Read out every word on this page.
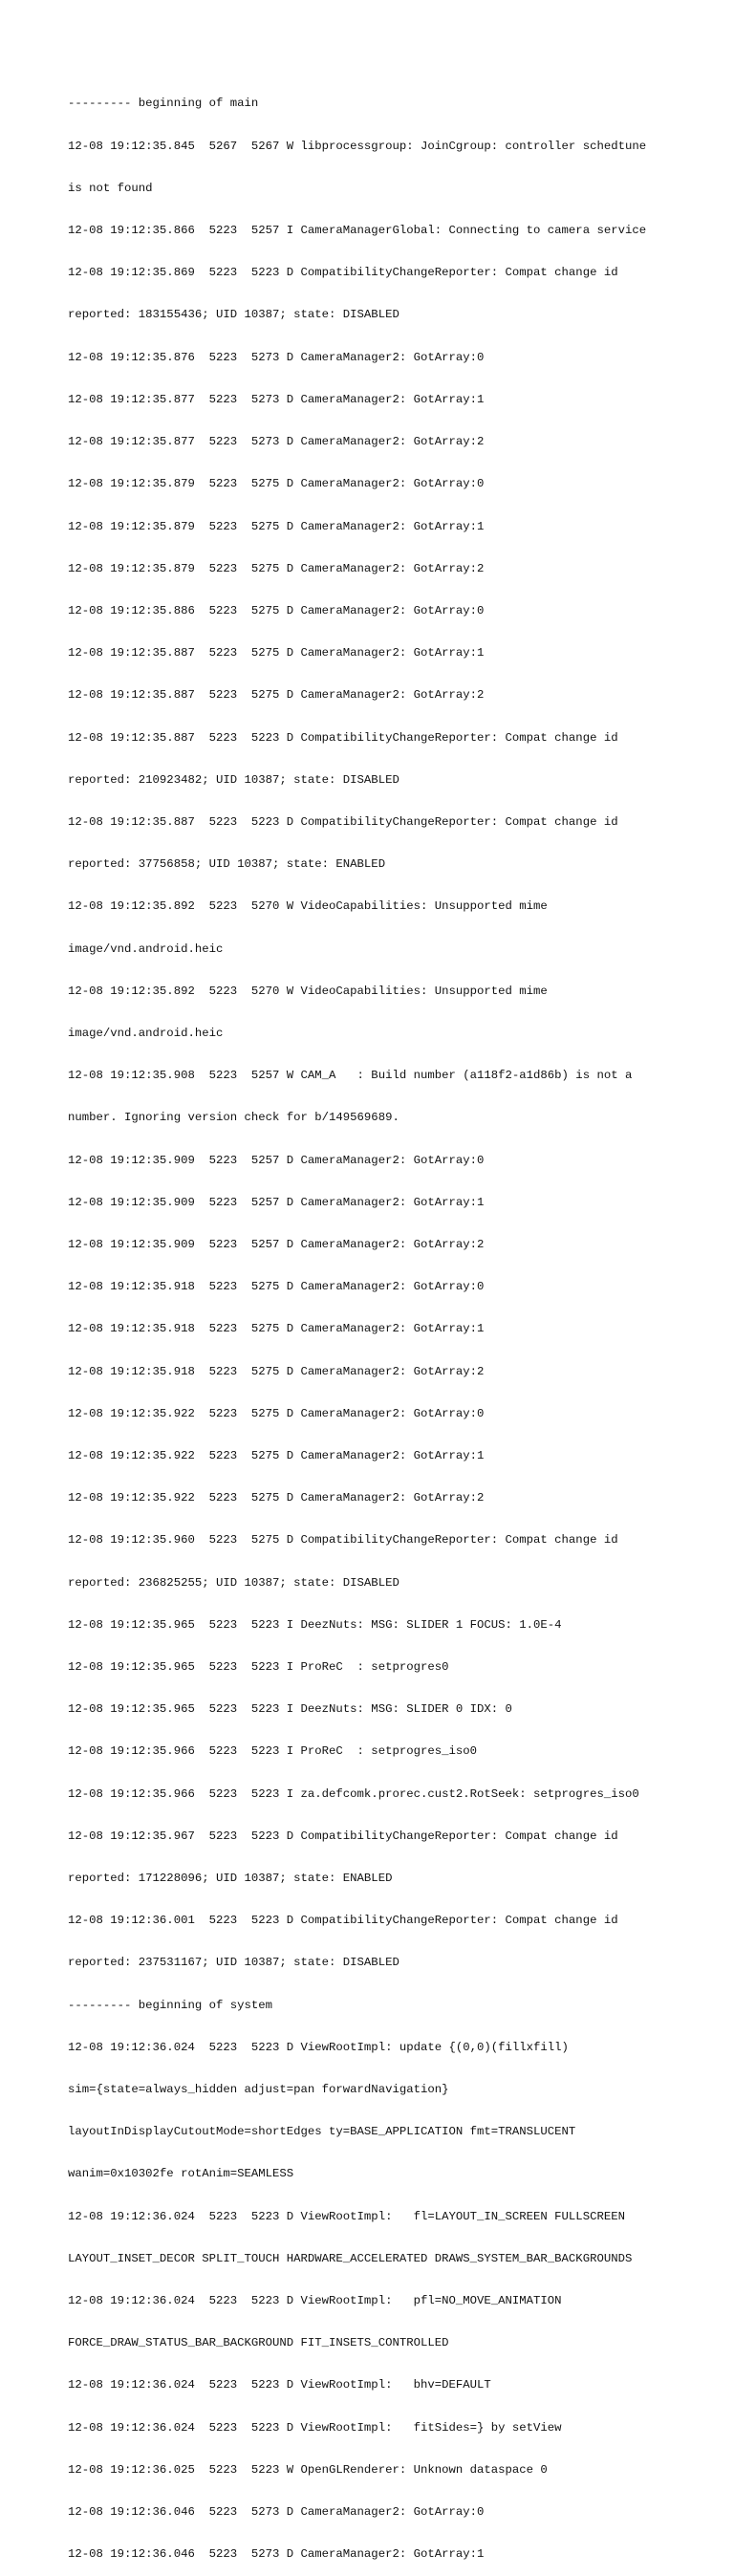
--------- beginning of main

12-08 19:12:35.845  5267  5267 W libprocessgroup: JoinCgroup: controller schedtune

is not found

12-08 19:12:35.866  5223  5257 I CameraManagerGlobal: Connecting to camera service

12-08 19:12:35.869  5223  5223 D CompatibilityChangeReporter: Compat change id

reported: 183155436; UID 10387; state: DISABLED

12-08 19:12:35.876  5223  5273 D CameraManager2: GotArray:0

12-08 19:12:35.877  5223  5273 D CameraManager2: GotArray:1

12-08 19:12:35.877  5223  5273 D CameraManager2: GotArray:2

12-08 19:12:35.879  5223  5275 D CameraManager2: GotArray:0

12-08 19:12:35.879  5223  5275 D CameraManager2: GotArray:1

12-08 19:12:35.879  5223  5275 D CameraManager2: GotArray:2

12-08 19:12:35.886  5223  5275 D CameraManager2: GotArray:0

12-08 19:12:35.887  5223  5275 D CameraManager2: GotArray:1

12-08 19:12:35.887  5223  5275 D CameraManager2: GotArray:2

12-08 19:12:35.887  5223  5223 D CompatibilityChangeReporter: Compat change id

reported: 210923482; UID 10387; state: DISABLED

12-08 19:12:35.887  5223  5223 D CompatibilityChangeReporter: Compat change id

reported: 37756858; UID 10387; state: ENABLED

12-08 19:12:35.892  5223  5270 W VideoCapabilities: Unsupported mime

image/vnd.android.heic

12-08 19:12:35.892  5223  5270 W VideoCapabilities: Unsupported mime

image/vnd.android.heic

12-08 19:12:35.908  5223  5257 W CAM_A   : Build number (a118f2-a1d86b) is not a

number. Ignoring version check for b/149569689.

12-08 19:12:35.909  5223  5257 D CameraManager2: GotArray:0

12-08 19:12:35.909  5223  5257 D CameraManager2: GotArray:1

12-08 19:12:35.909  5223  5257 D CameraManager2: GotArray:2

12-08 19:12:35.918  5223  5275 D CameraManager2: GotArray:0

12-08 19:12:35.918  5223  5275 D CameraManager2: GotArray:1

12-08 19:12:35.918  5223  5275 D CameraManager2: GotArray:2

12-08 19:12:35.922  5223  5275 D CameraManager2: GotArray:0

12-08 19:12:35.922  5223  5275 D CameraManager2: GotArray:1

12-08 19:12:35.922  5223  5275 D CameraManager2: GotArray:2

12-08 19:12:35.960  5223  5275 D CompatibilityChangeReporter: Compat change id

reported: 236825255; UID 10387; state: DISABLED

12-08 19:12:35.965  5223  5223 I DeezNuts: MSG: SLIDER 1 FOCUS: 1.0E-4

12-08 19:12:35.965  5223  5223 I ProReC  : setprogres0

12-08 19:12:35.965  5223  5223 I DeezNuts: MSG: SLIDER 0 IDX: 0

12-08 19:12:35.966  5223  5223 I ProReC  : setprogres_iso0

12-08 19:12:35.966  5223  5223 I za.defcomk.prorec.cust2.RotSeek: setprogres_iso0

12-08 19:12:35.967  5223  5223 D CompatibilityChangeReporter: Compat change id

reported: 171228096; UID 10387; state: ENABLED

12-08 19:12:36.001  5223  5223 D CompatibilityChangeReporter: Compat change id

reported: 237531167; UID 10387; state: DISABLED

--------- beginning of system

12-08 19:12:36.024  5223  5223 D ViewRootImpl: update {(0,0)(fillxfill)

sim={state=always_hidden adjust=pan forwardNavigation}

layoutInDisplayCutoutMode=shortEdges ty=BASE_APPLICATION fmt=TRANSLUCENT

wanim=0x10302fe rotAnim=SEAMLESS

12-08 19:12:36.024  5223  5223 D ViewRootImpl:   fl=LAYOUT_IN_SCREEN FULLSCREEN

LAYOUT_INSET_DECOR SPLIT_TOUCH HARDWARE_ACCELERATED DRAWS_SYSTEM_BAR_BACKGROUNDS

12-08 19:12:36.024  5223  5223 D ViewRootImpl:   pfl=NO_MOVE_ANIMATION

FORCE_DRAW_STATUS_BAR_BACKGROUND FIT_INSETS_CONTROLLED

12-08 19:12:36.024  5223  5223 D ViewRootImpl:   bhv=DEFAULT

12-08 19:12:36.024  5223  5223 D ViewRootImpl:   fitSides=} by setView

12-08 19:12:36.025  5223  5223 W OpenGLRenderer: Unknown dataspace 0

12-08 19:12:36.046  5223  5273 D CameraManager2: GotArray:0

12-08 19:12:36.046  5223  5273 D CameraManager2: GotArray:1
